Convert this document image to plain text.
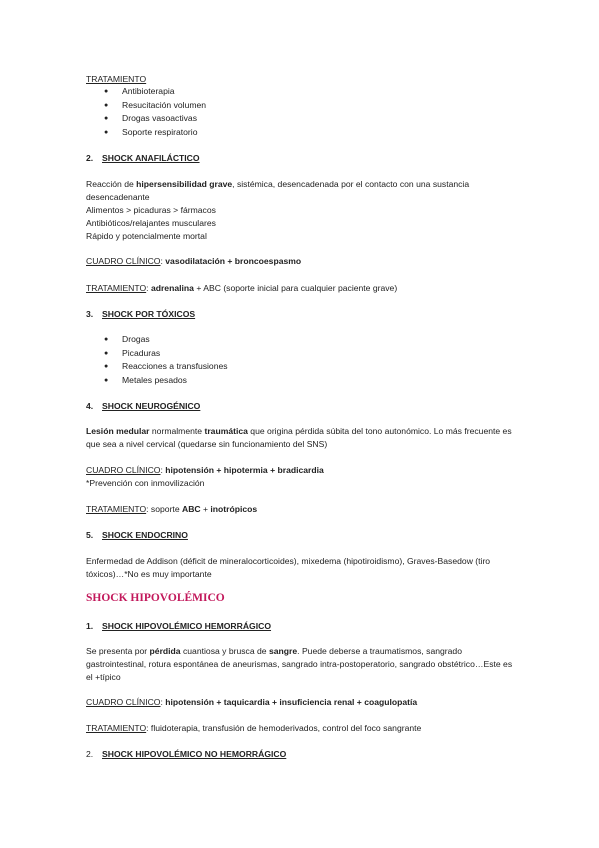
TRATAMIENTO
● Antibioterapia
● Resucitación volumen
● Drogas vasoactivas
● Soporte respiratorio
2. SHOCK ANAFILÁCTICO
Reacción de hipersensibilidad grave, sistémica, desencadenada por el contacto con una sustancia desencadenante
Alimentos > picaduras > fármacos
Antibióticos/relajantes musculares
Rápido y potencialmente mortal
CUADRO CLÍNICO: vasodilatación + broncoespasmo
TRATAMIENTO: adrenalina + ABC (soporte inicial para cualquier paciente grave)
3. SHOCK POR TÓXICOS
● Drogas
● Picaduras
● Reacciones a transfusiones
● Metales pesados
4. SHOCK NEUROGÉNICO
Lesión medular normalmente traumática que origina pérdida súbita del tono autonómico. Lo más frecuente es que sea a nivel cervical (quedarse sin funcionamiento del SNS)
CUADRO CLÍNICO: hipotensión + hipotermia + bradicardia
*Prevención con inmovilización
TRATAMIENTO: soporte ABC + inotrópicos
5. SHOCK ENDOCRINO
Enfermedad de Addison (déficit de mineralocorticoides), mixedema (hipotiroidismo), Graves-Basedow (tiro tóxicos)…*No es muy importante
SHOCK HIPOVOLÉMICO
1. SHOCK HIPOVOLÉMICO HEMORRÁGICO
Se presenta por pérdida cuantiosa y brusca de sangre. Puede deberse a traumatismos, sangrado gastrointestinal, rotura espontánea de aneurismas, sangrado intra-postoperatorio, sangrado obstétrico…Este es el +típico
CUADRO CLÍNICO: hipotensión + taquicardia + insuficiencia renal + coagulopatía
TRATAMIENTO: fluidoterapia, transfusión de hemoderivados, control del foco sangrante
2. SHOCK HIPOVOLÉMICO NO HEMORRÁGICO
